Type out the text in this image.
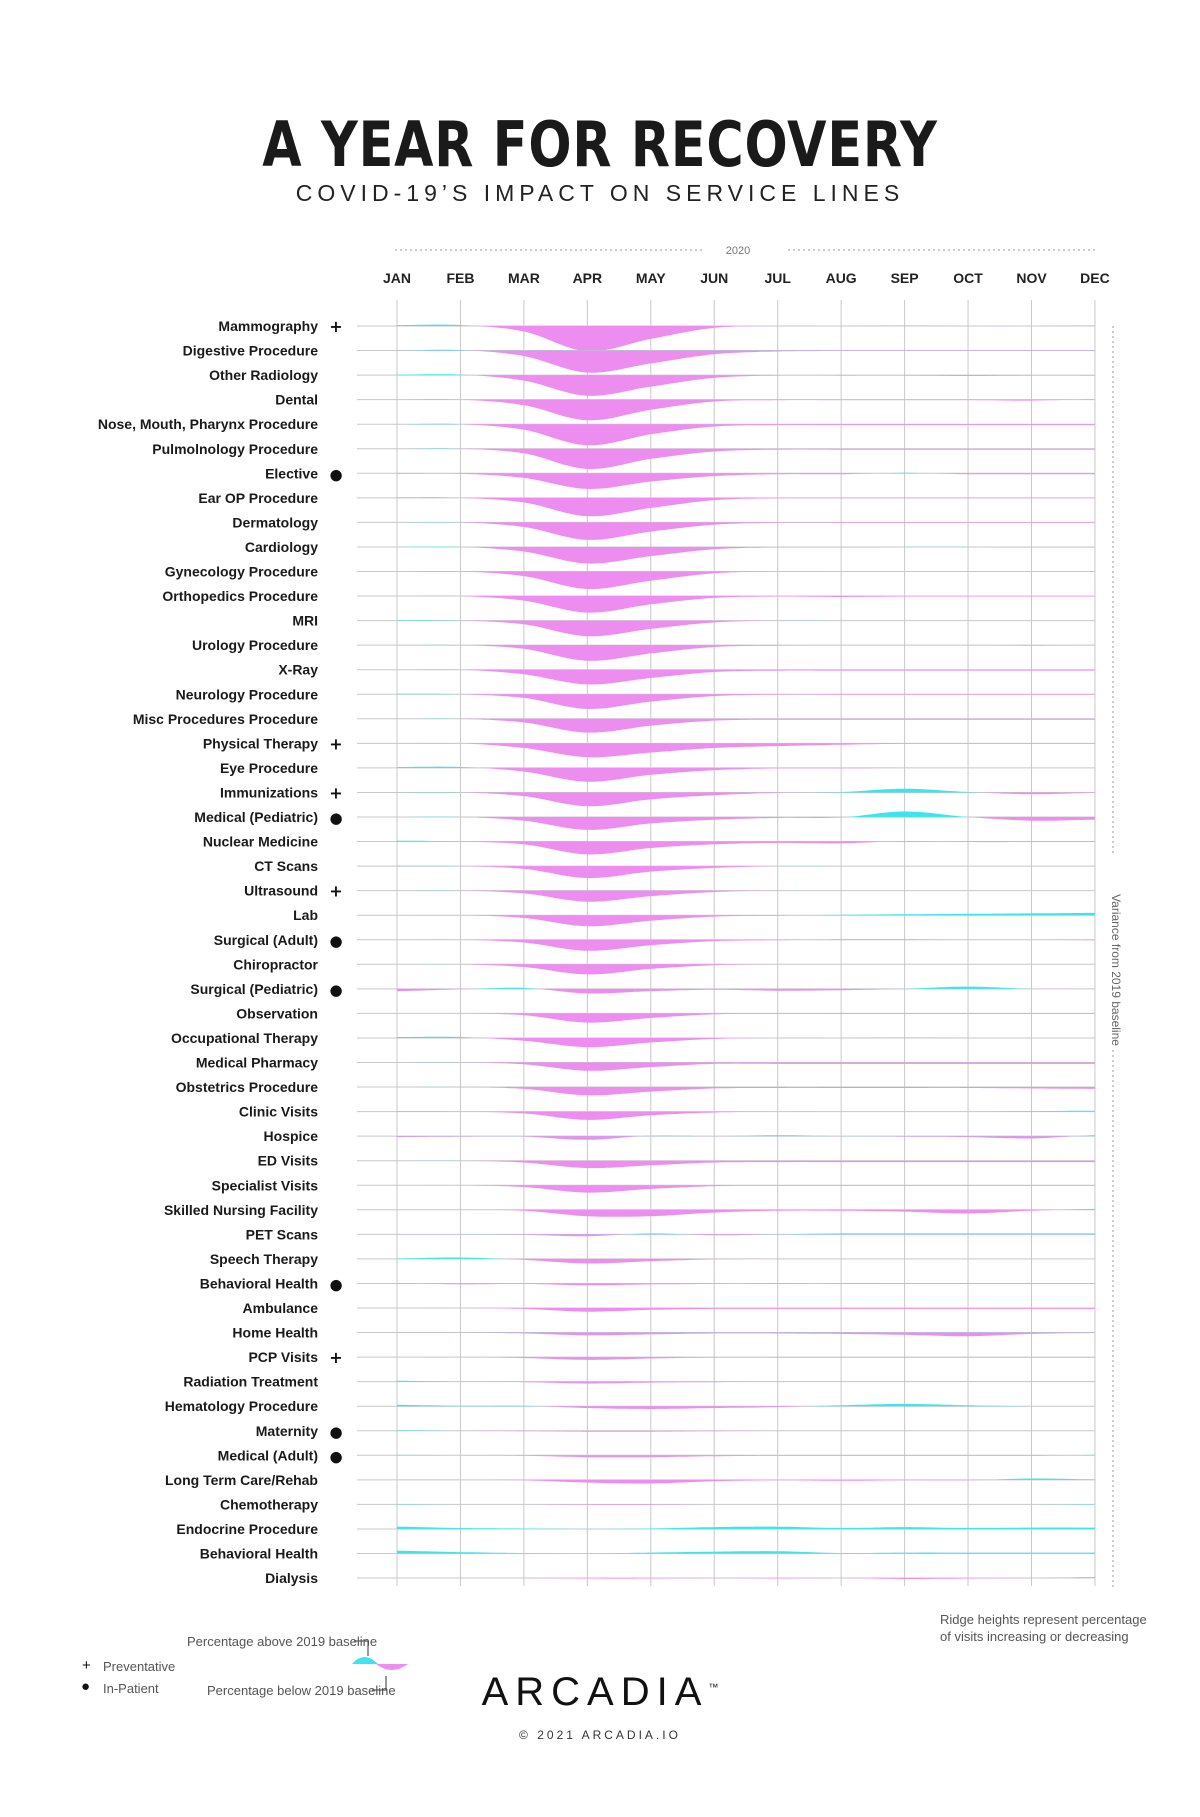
A YEAR FOR RECOVERY
COVID-19’S IMPACT ON SERVICE LINES
2020
JAN	FEB MAR APR MAY JUN	JUL AUG SEP OCT NOV DEC
Mammography +
Digestive Procedure
Other Radiology
Dental
Nose, Mouth, Pharynx Procedure
Pulmolnology Procedure
Elective ●
Ear OP Procedure
Dermatology
Cardiology
Gynecology Procedure
Orthopedics Procedure
MRI
Urology Procedure
X-Ray
Neurology Procedure
Misc Procedures Procedure
Physical Therapy +
Eye Procedure
Immunizations +
Medical (Pediatric) ●
Nuclear Medicine
CT Scans
Ultrasound +
Lab
Surgical (Adult) ●
Chiropractor
Surgical (Pediatric) ●
Observation
Occupational Therapy
Medical Pharmacy
Obstetrics Procedure
Clinic Visits
Hospice
ED Visits
Specialist Visits
Skilled Nursing Facility
PET Scans
Speech Therapy
Behavioral Health ●
Ambulance
Home Health
PCP Visits +
Radiation Treatment
Hematology Procedure
Maternity ●
Medical (Adult) ●
Long Term Care/Rehab
Chemotherapy
Endocrine Procedure
Behavioral Health
Dialysis
Variance from 2019 baseline
Ridge heights represent percentage
of visits increasing or decreasing
+ Preventative
● In-Patient
Percentage above 2019 baseline
Percentage below 2019 baseline	ARCADIA™
© 2021 ARCADIA.IO
